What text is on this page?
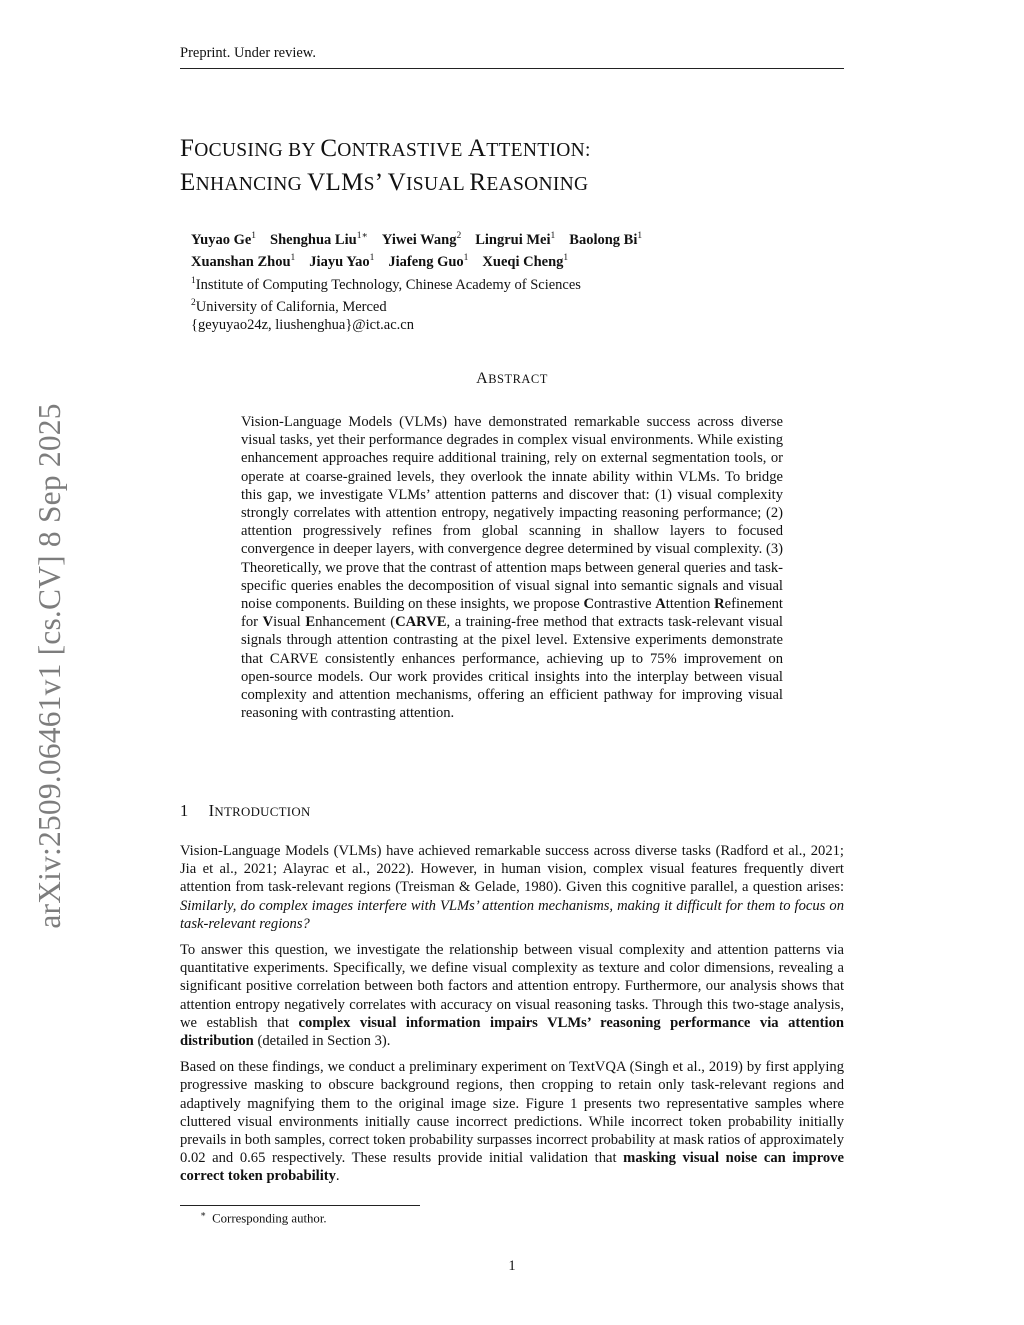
Preprint. Under review.
arXiv:2509.06461v1 [cs.CV] 8 Sep 2025
FOCUSING BY CONTRASTIVE ATTENTION:
ENHANCING VLMS’ VISUAL REASONING
Yuyao Ge$^1$ Shenghua Liu$^{1∗}$ Yiwei Wang$^2$ Lingrui Mei$^1$ Baolong Bi$^1$
Xuanshan Zhou$^1$ Jiayu Yao$^1$ Jiafeng Guo$^1$ Xueqi Cheng$^1$
$^1$Institute of Computing Technology, Chinese Academy of Sciences
$^2$University of California, Merced
{geyuyao24z, liushenghua}@ict.ac.cn
ABSTRACT
Vision-Language Models (VLMs) have demonstrated remarkable success across diverse visual tasks, yet their performance degrades in complex visual environments. While existing enhancement approaches require additional training, rely on external segmentation tools, or operate at coarse-grained levels, they overlook the innate ability within VLMs. To bridge this gap, we investigate VLMs’ attention patterns and discover that: (1) visual complexity strongly correlates with attention entropy, negatively impacting reasoning performance; (2) attention progressively refines from global scanning in shallow layers to focused convergence in deeper layers, with convergence degree determined by visual complexity. (3) Theoretically, we prove that the contrast of attention maps between general queries and task-specific queries enables the decomposition of visual signal into semantic signals and visual noise components. Building on these insights, we propose Contrastive Attention Refinement for Visual Enhancement (CARVE, a training-free method that extracts task-relevant visual signals through attention contrasting at the pixel level. Extensive experiments demonstrate that CARVE consistently enhances performance, achieving up to 75% improvement on open-source models. Our work provides critical insights into the interplay between visual complexity and attention mechanisms, offering an efficient pathway for improving visual reasoning with contrasting attention.
1 INTRODUCTION

Vision-Language Models (VLMs) have achieved remarkable success across diverse tasks (Radford et al., 2021; Jia et al., 2021; Alayrac et al., 2022). However, in human vision, complex visual features frequently divert attention from task-relevant regions (Treisman & Gelade, 1980). Given this cognitive parallel, a question arises: Similarly, do complex images interfere with VLMs’ attention mechanisms, making it difficult for them to focus on task-relevant regions?

To answer this question, we investigate the relationship between visual complexity and attention patterns via quantitative experiments. Specifically, we define visual complexity as texture and color dimensions, revealing a significant positive correlation between both factors and attention entropy. Furthermore, our analysis shows that attention entropy negatively correlates with accuracy on visual reasoning tasks. Through this two-stage analysis, we establish that complex visual information impairs VLMs’ reasoning performance via attention distribution (detailed in Section 3).

Based on these findings, we conduct a preliminary experiment on TextVQA (Singh et al., 2019) by first applying progressive masking to obscure background regions, then cropping to retain only task-relevant regions and adaptively magnifying them to the original image size. Figure 1 presents two representative samples where cluttered visual environments initially cause incorrect predictions. While incorrect token probability initially prevails in both samples, correct token probability surpasses incorrect probability at mask ratios of approximately 0.02 and 0.65 respectively. These results provide initial validation that masking visual noise can improve correct token probability.

∗ Corresponding author.
1
